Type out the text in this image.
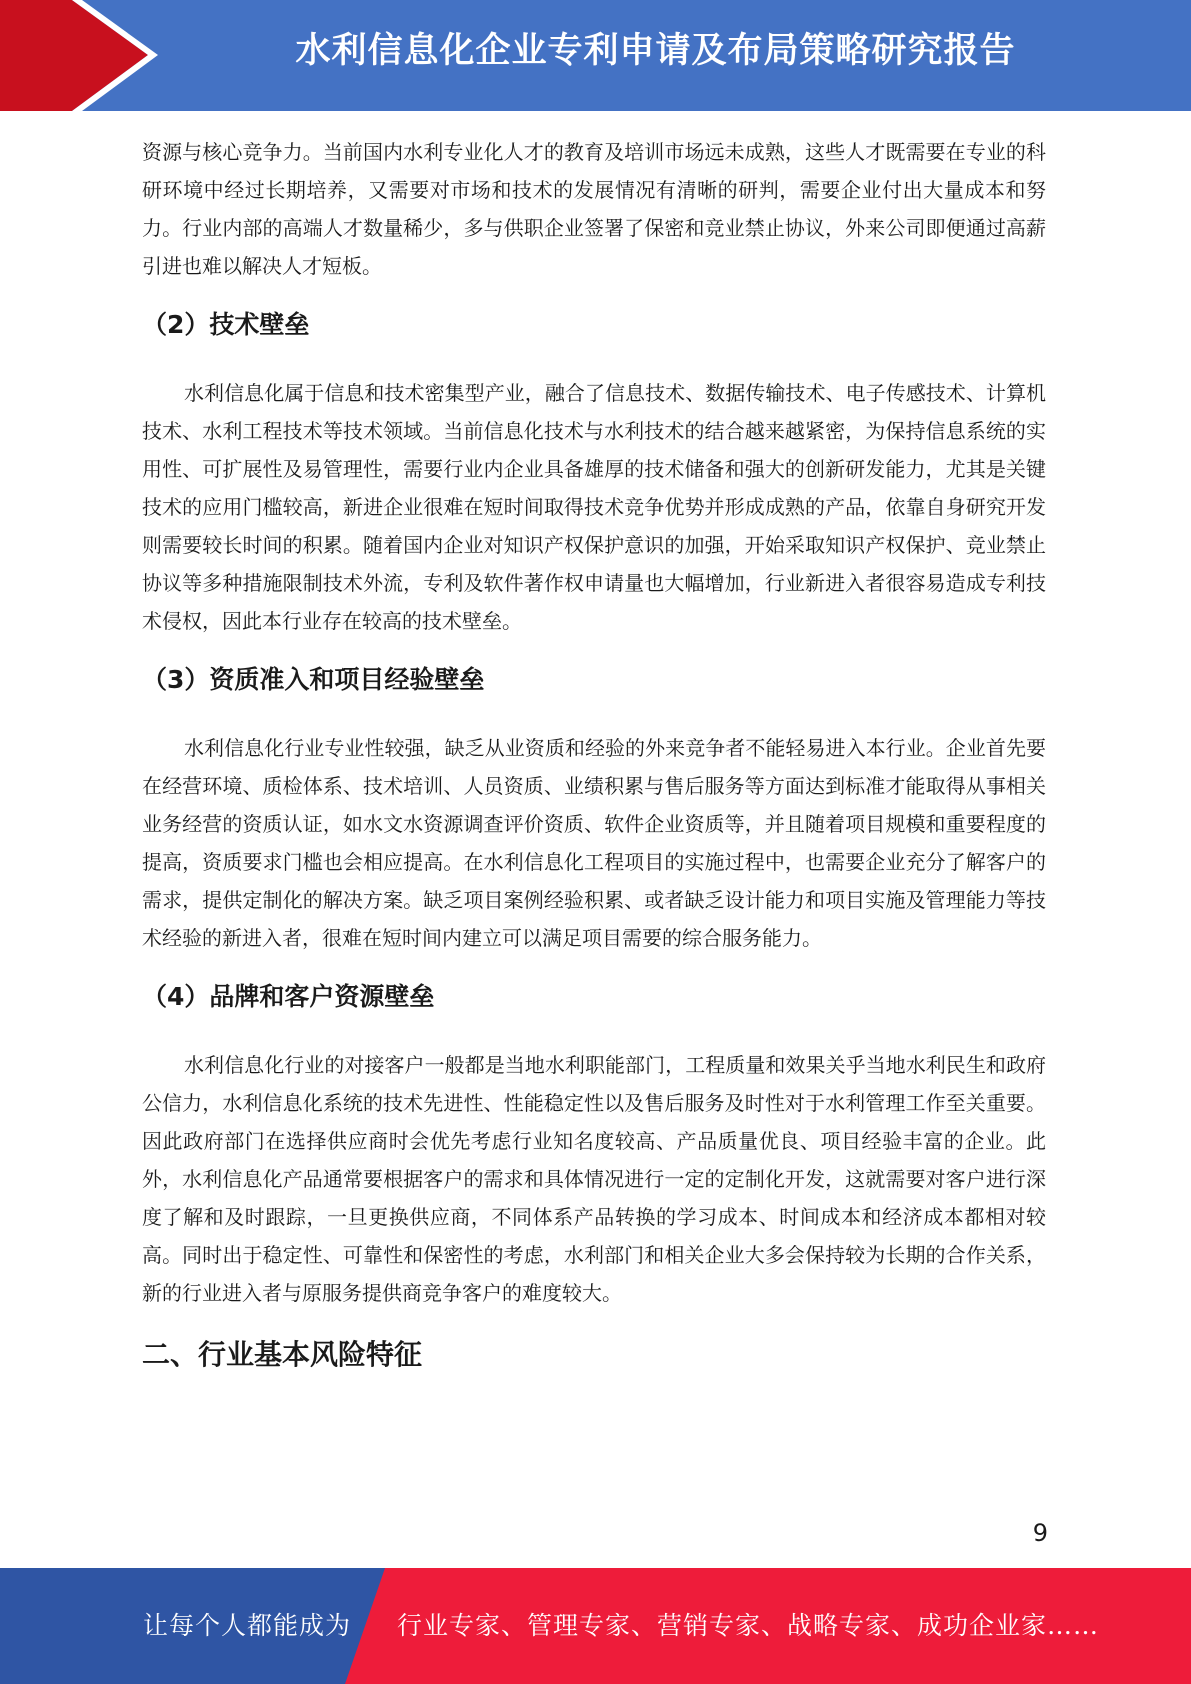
水利信息化企业专利申请及布局策略研究报告

资源与核心竞争力。当前国内水利专业化人才的教育及培训市场远未成熟，这些人才既需要在专业的科研环境中经过长期培养，又需要对市场和技术的发展情况有清晰的研判，需要企业付出大量成本和努力。行业内部的高端人才数量稀少，多与供职企业签署了保密和竞业禁止协议，外来公司即便通过高薪引进也难以解决人才短板。

（2）技术壁垒

水利信息化属于信息和技术密集型产业，融合了信息技术、数据传输技术、电子传感技术、计算机技术、水利工程技术等技术领域。当前信息化技术与水利技术的结合越来越紧密，为保持信息系统的实用性、可扩展性及易管理性，需要行业内企业具备雄厚的技术储备和强大的创新研发能力，尤其是关键技术的应用门槛较高，新进企业很难在短时间取得技术竞争优势并形成成熟的产品，依靠自身研究开发则需要较长时间的积累。随着国内企业对知识产权保护意识的加强，开始采取知识产权保护、竞业禁止协议等多种措施限制技术外流，专利及软件著作权申请量也大幅增加，行业新进入者很容易造成专利技术侵权，因此本行业存在较高的技术壁垒。

（3）资质准入和项目经验壁垒

水利信息化行业专业性较强，缺乏从业资质和经验的外来竞争者不能轻易进入本行业。企业首先要在经营环境、质检体系、技术培训、人员资质、业绩积累与售后服务等方面达到标准才能取得从事相关业务经营的资质认证，如水文水资源调查评价资质、软件企业资质等，并且随着项目规模和重要程度的提高，资质要求门槛也会相应提高。在水利信息化工程项目的实施过程中，也需要企业充分了解客户的需求，提供定制化的解决方案。缺乏项目案例经验积累、或者缺乏设计能力和项目实施及管理能力等技术经验的新进入者，很难在短时间内建立可以满足项目需要的综合服务能力。

（4）品牌和客户资源壁垒

水利信息化行业的对接客户一般都是当地水利职能部门，工程质量和效果关乎当地水利民生和政府公信力，水利信息化系统的技术先进性、性能稳定性以及售后服务及时性对于水利管理工作至关重要。因此政府部门在选择供应商时会优先考虑行业知名度较高、产品质量优良、项目经验丰富的企业。此外，水利信息化产品通常要根据客户的需求和具体情况进行一定的定制化开发，这就需要对客户进行深度了解和及时跟踪，一旦更换供应商，不同体系产品转换的学习成本、时间成本和经济成本都相对较高。同时出于稳定性、可靠性和保密性的考虑，水利部门和相关企业大多会保持较为长期的合作关系，新的行业进入者与原服务提供商竞争客户的难度较大。

二、行业基本风险特征
9
让每个人都能成为 行业专家、管理专家、营销专家、战略专家、成功企业家……
